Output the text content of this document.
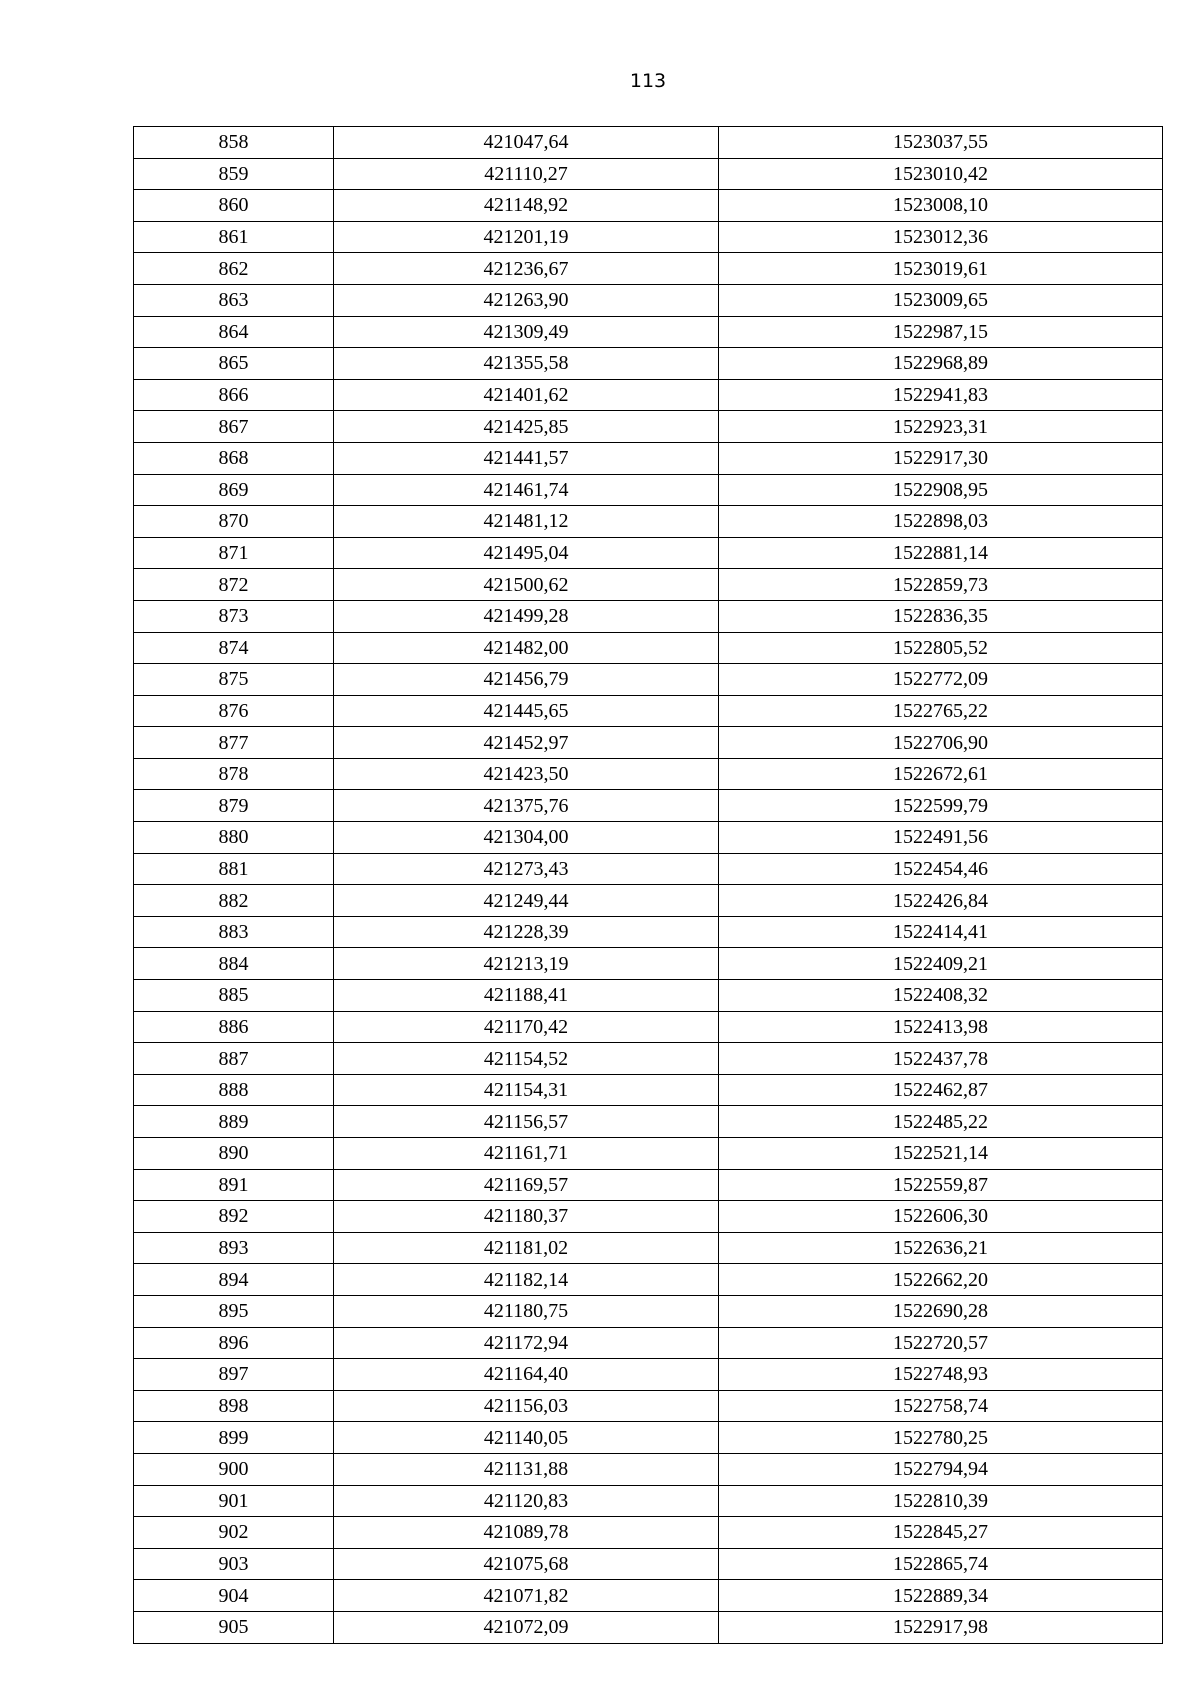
113
858	421047,64	1523037,55
859	421110,27	1523010,42
860	421148,92	1523008,10
861	421201,19	1523012,36
862	421236,67	1523019,61
863	421263,90	1523009,65
864	421309,49	1522987,15
865	421355,58	1522968,89
866	421401,62	1522941,83
867	421425,85	1522923,31
868	421441,57	1522917,30
869	421461,74	1522908,95
870	421481,12	1522898,03
871	421495,04	1522881,14
872	421500,62	1522859,73
873	421499,28	1522836,35
874	421482,00	1522805,52
875	421456,79	1522772,09
876	421445,65	1522765,22
877	421452,97	1522706,90
878	421423,50	1522672,61
879	421375,76	1522599,79
880	421304,00	1522491,56
881	421273,43	1522454,46
882	421249,44	1522426,84
883	421228,39	1522414,41
884	421213,19	1522409,21
885	421188,41	1522408,32
886	421170,42	1522413,98
887	421154,52	1522437,78
888	421154,31	1522462,87
889	421156,57	1522485,22
890	421161,71	1522521,14
891	421169,57	1522559,87
892	421180,37	1522606,30
893	421181,02	1522636,21
894	421182,14	1522662,20
895	421180,75	1522690,28
896	421172,94	1522720,57
897	421164,40	1522748,93
898	421156,03	1522758,74
899	421140,05	1522780,25
900	421131,88	1522794,94
901	421120,83	1522810,39
902	421089,78	1522845,27
903	421075,68	1522865,74
904	421071,82	1522889,34
905	421072,09	1522917,98
